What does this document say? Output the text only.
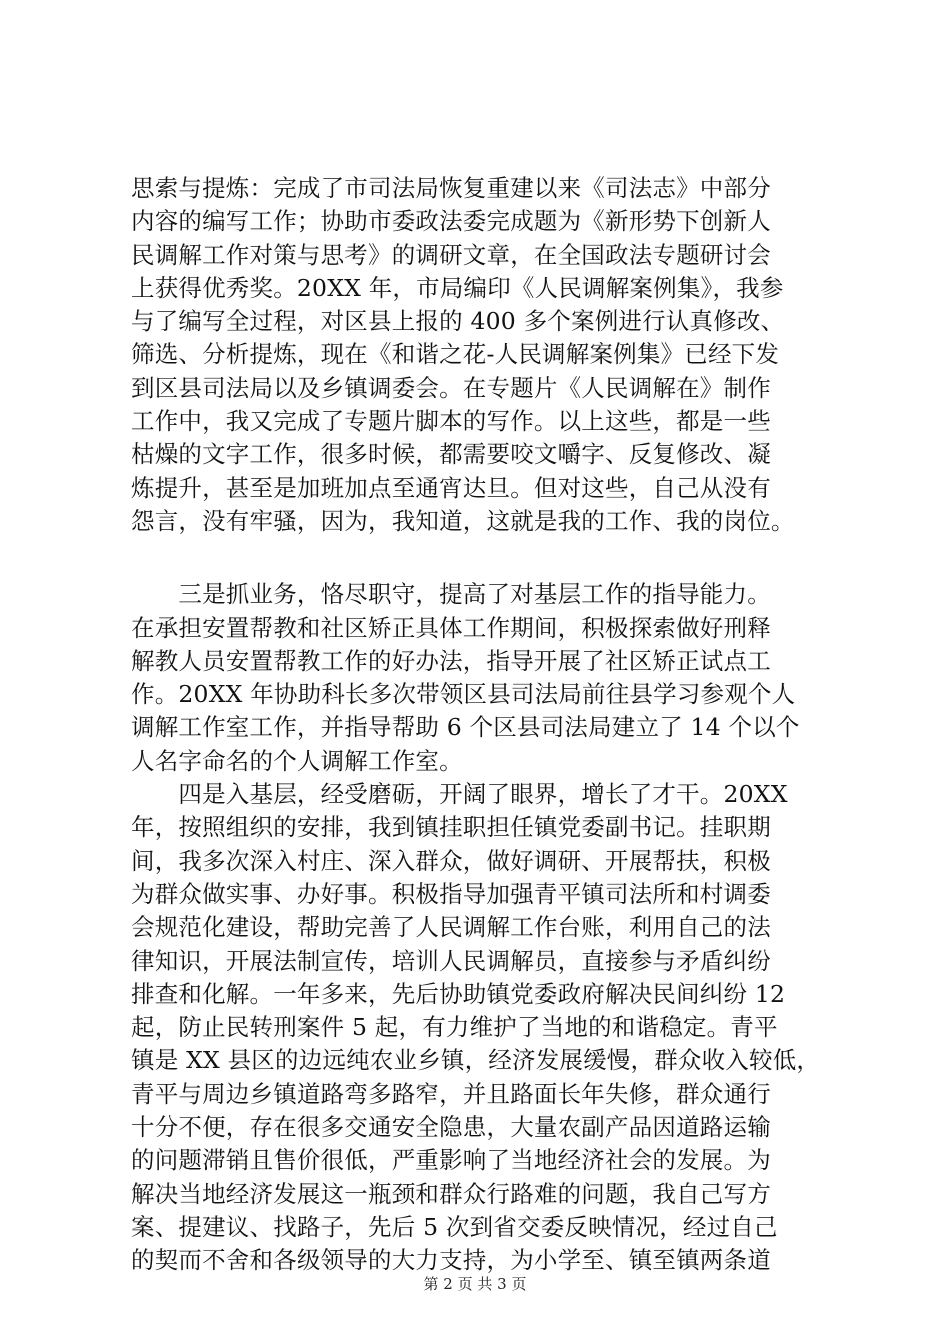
思索与提炼：完成了市司法局恢复重建以来《司法志》中部分
内容的编写工作；协助市委政法委完成题为《新形势下创新人
民调解工作对策与思考》的调研文章，在全国政法专题研讨会
上获得优秀奖。20XX 年，市局编印《人民调解案例集》，我参
与了编写全过程，对区县上报的 400 多个案例进行认真修改、
筛选、分析提炼，现在《和谐之花-人民调解案例集》已经下发
到区县司法局以及乡镇调委会。在专题片《人民调解在》制作
工作中，我又完成了专题片脚本的写作。以上这些，都是一些
枯燥的文字工作，很多时候，都需要咬文嚼字、反复修改、凝
炼提升，甚至是加班加点至通宵达旦。但对这些，自己从没有
怨言，没有牢骚，因为，我知道，这就是我的工作、我的岗位。
　　三是抓业务，恪尽职守，提高了对基层工作的指导能力。
在承担安置帮教和社区矫正具体工作期间，积极探索做好刑释
解教人员安置帮教工作的好办法，指导开展了社区矫正试点工
作。20XX 年协助科长多次带领区县司法局前往县学习参观个人
调解工作室工作，并指导帮助 6 个区县司法局建立了 14 个以个
人名字命名的个人调解工作室。
　　四是入基层，经受磨砺，开阔了眼界，增长了才干。20XX
年，按照组织的安排，我到镇挂职担任镇党委副书记。挂职期
间，我多次深入村庄、深入群众，做好调研、开展帮扶，积极
为群众做实事、办好事。积极指导加强青平镇司法所和村调委
会规范化建设，帮助完善了人民调解工作台账，利用自己的法
律知识，开展法制宣传，培训人民调解员，直接参与矛盾纠纷
排查和化解。一年多来，先后协助镇党委政府解决民间纠纷 12
起，防止民转刑案件 5 起，有力维护了当地的和谐稳定。青平
镇是 XX 县区的边远纯农业乡镇，经济发展缓慢，群众收入较低，
青平与周边乡镇道路弯多路窄，并且路面长年失修，群众通行
十分不便，存在很多交通安全隐患，大量农副产品因道路运输
的问题滞销且售价很低，严重影响了当地经济社会的发展。为
解决当地经济发展这一瓶颈和群众行路难的问题，我自己写方
案、提建议、找路子，先后 5 次到省交委反映情况，经过自己
的契而不舍和各级领导的大力支持，为小学至、镇至镇两条道
第 2 页 共 3 页
